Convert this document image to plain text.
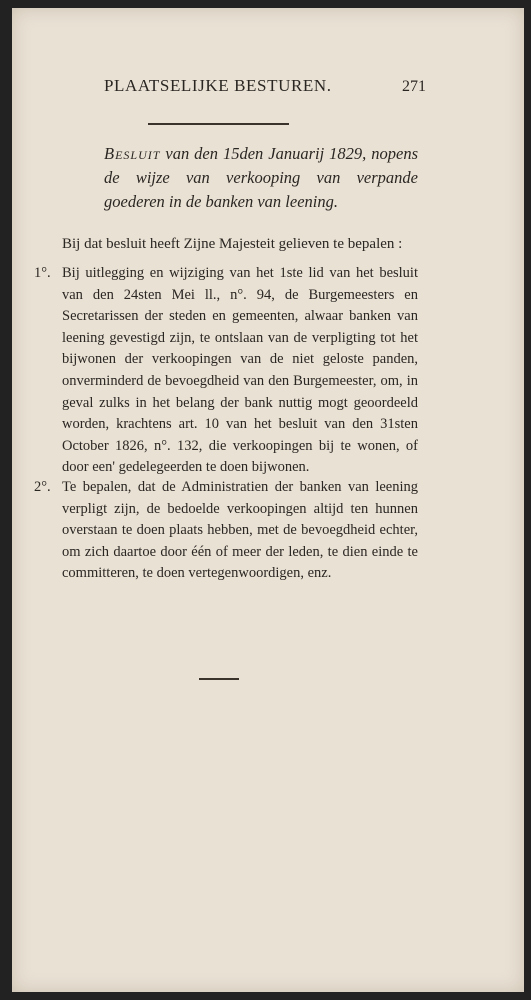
PLAATSELIJKE BESTUREN.	271
Besluit van den 15den Januarij 1829, nopens de wijze van verkooping van verpande goederen in de banken van leening.
Bij dat besluit heeft Zijne Majesteit gelieven te bepalen :
1°. Bij uitlegging en wijziging van het 1ste lid van het besluit van den 24sten Mei ll., n°. 94, de Burgemeesters en Secretarissen der steden en gemeenten, alwaar banken van leening gevestigd zijn, te ontslaan van de verpligting tot het bijwonen der verkoopingen van de niet geloste panden, onverminderd de bevoegdheid van den Burgemeester, om, in geval zulks in het belang der bank nuttig mogt geoordeeld worden, krachtens art. 10 van het besluit van den 31sten October 1826, n°. 132, die verkoopingen bij te wonen, of door een' gedelegeerden te doen bijwonen.
2°. Te bepalen, dat de Administratien der banken van leening verpligt zijn, de bedoelde verkoopingen altijd ten hunnen overstaan te doen plaats hebben, met de bevoegdheid echter, om zich daartoe door één of meer der leden, te dien einde te committeren, te doen vertegenwoordigen, enz.
